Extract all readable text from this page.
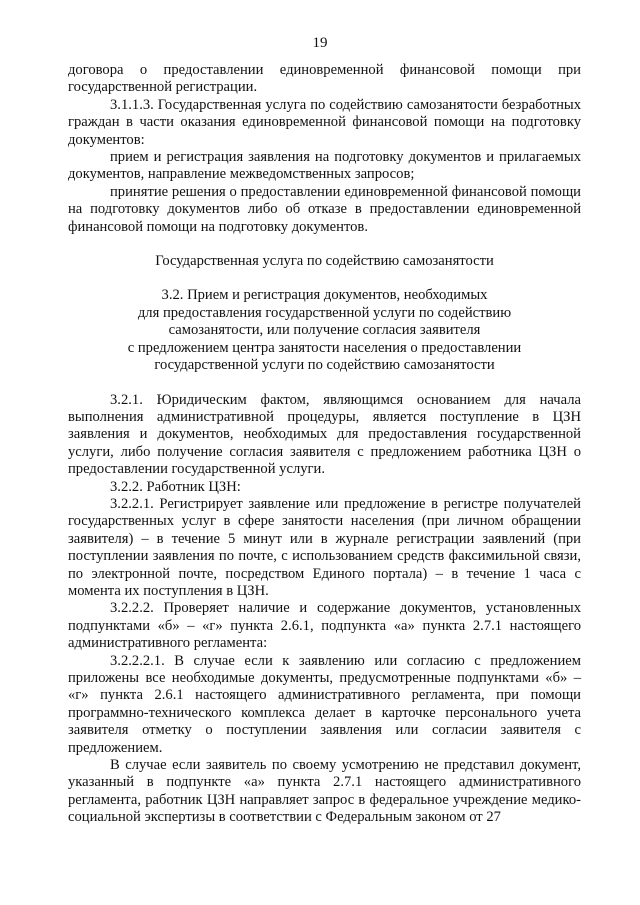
19

договора о предоставлении единовременной финансовой помощи при государственной регистрации.

3.1.1.3. Государственная услуга по содействию самозанятости безработных граждан в части оказания единовременной финансовой помощи на подготовку документов:

прием и регистрация заявления на подготовку документов и прилагаемых документов, направление межведомственных запросов;

принятие решения о предоставлении единовременной финансовой помощи на подготовку документов либо об отказе в предоставлении единовременной финансовой помощи на подготовку документов.

Государственная услуга по содействию самозанятости

3.2. Прием и регистрация документов, необходимых

для предоставления государственной услуги по содействию

самозанятости, или получение согласия заявителя

с предложением центра занятости населения о предоставлении

государственной услуги по содействию самозанятости

3.2.1. Юридическим фактом, являющимся основанием для начала выполнения административной процедуры, является поступление в ЦЗН заявления и документов, необходимых для предоставления государственной услуги, либо получение согласия заявителя с предложением работника ЦЗН о предоставлении государственной услуги.

3.2.2. Работник ЦЗН:

3.2.2.1. Регистрирует заявление или предложение в регистре получателей государственных услуг в сфере занятости населения (при личном обращении заявителя) – в течение 5 минут или в журнале регистрации заявлений (при поступлении заявления по почте, с использованием средств факсимильной связи, по электронной почте, посредством Единого портала) – в течение 1 часа с момента их поступления в ЦЗН.

3.2.2.2. Проверяет наличие и содержание документов, установленных подпунктами «б» – «г» пункта 2.6.1, подпункта «а» пункта 2.7.1 настоящего административного регламента:

3.2.2.2.1. В случае если к заявлению или согласию с предложением приложены все необходимые документы, предусмотренные подпунктами «б» – «г» пункта 2.6.1 настоящего административного регламента, при помощи программно-технического комплекса делает в карточке персонального учета заявителя отметку о поступлении заявления или согласии заявителя с предложением.

В случае если заявитель по своему усмотрению не представил документ, указанный в подпункте «а» пункта 2.7.1 настоящего административного регламента, работник ЦЗН направляет запрос в федеральное учреждение медико-социальной экспертизы в соответствии с Федеральным законом от 27
